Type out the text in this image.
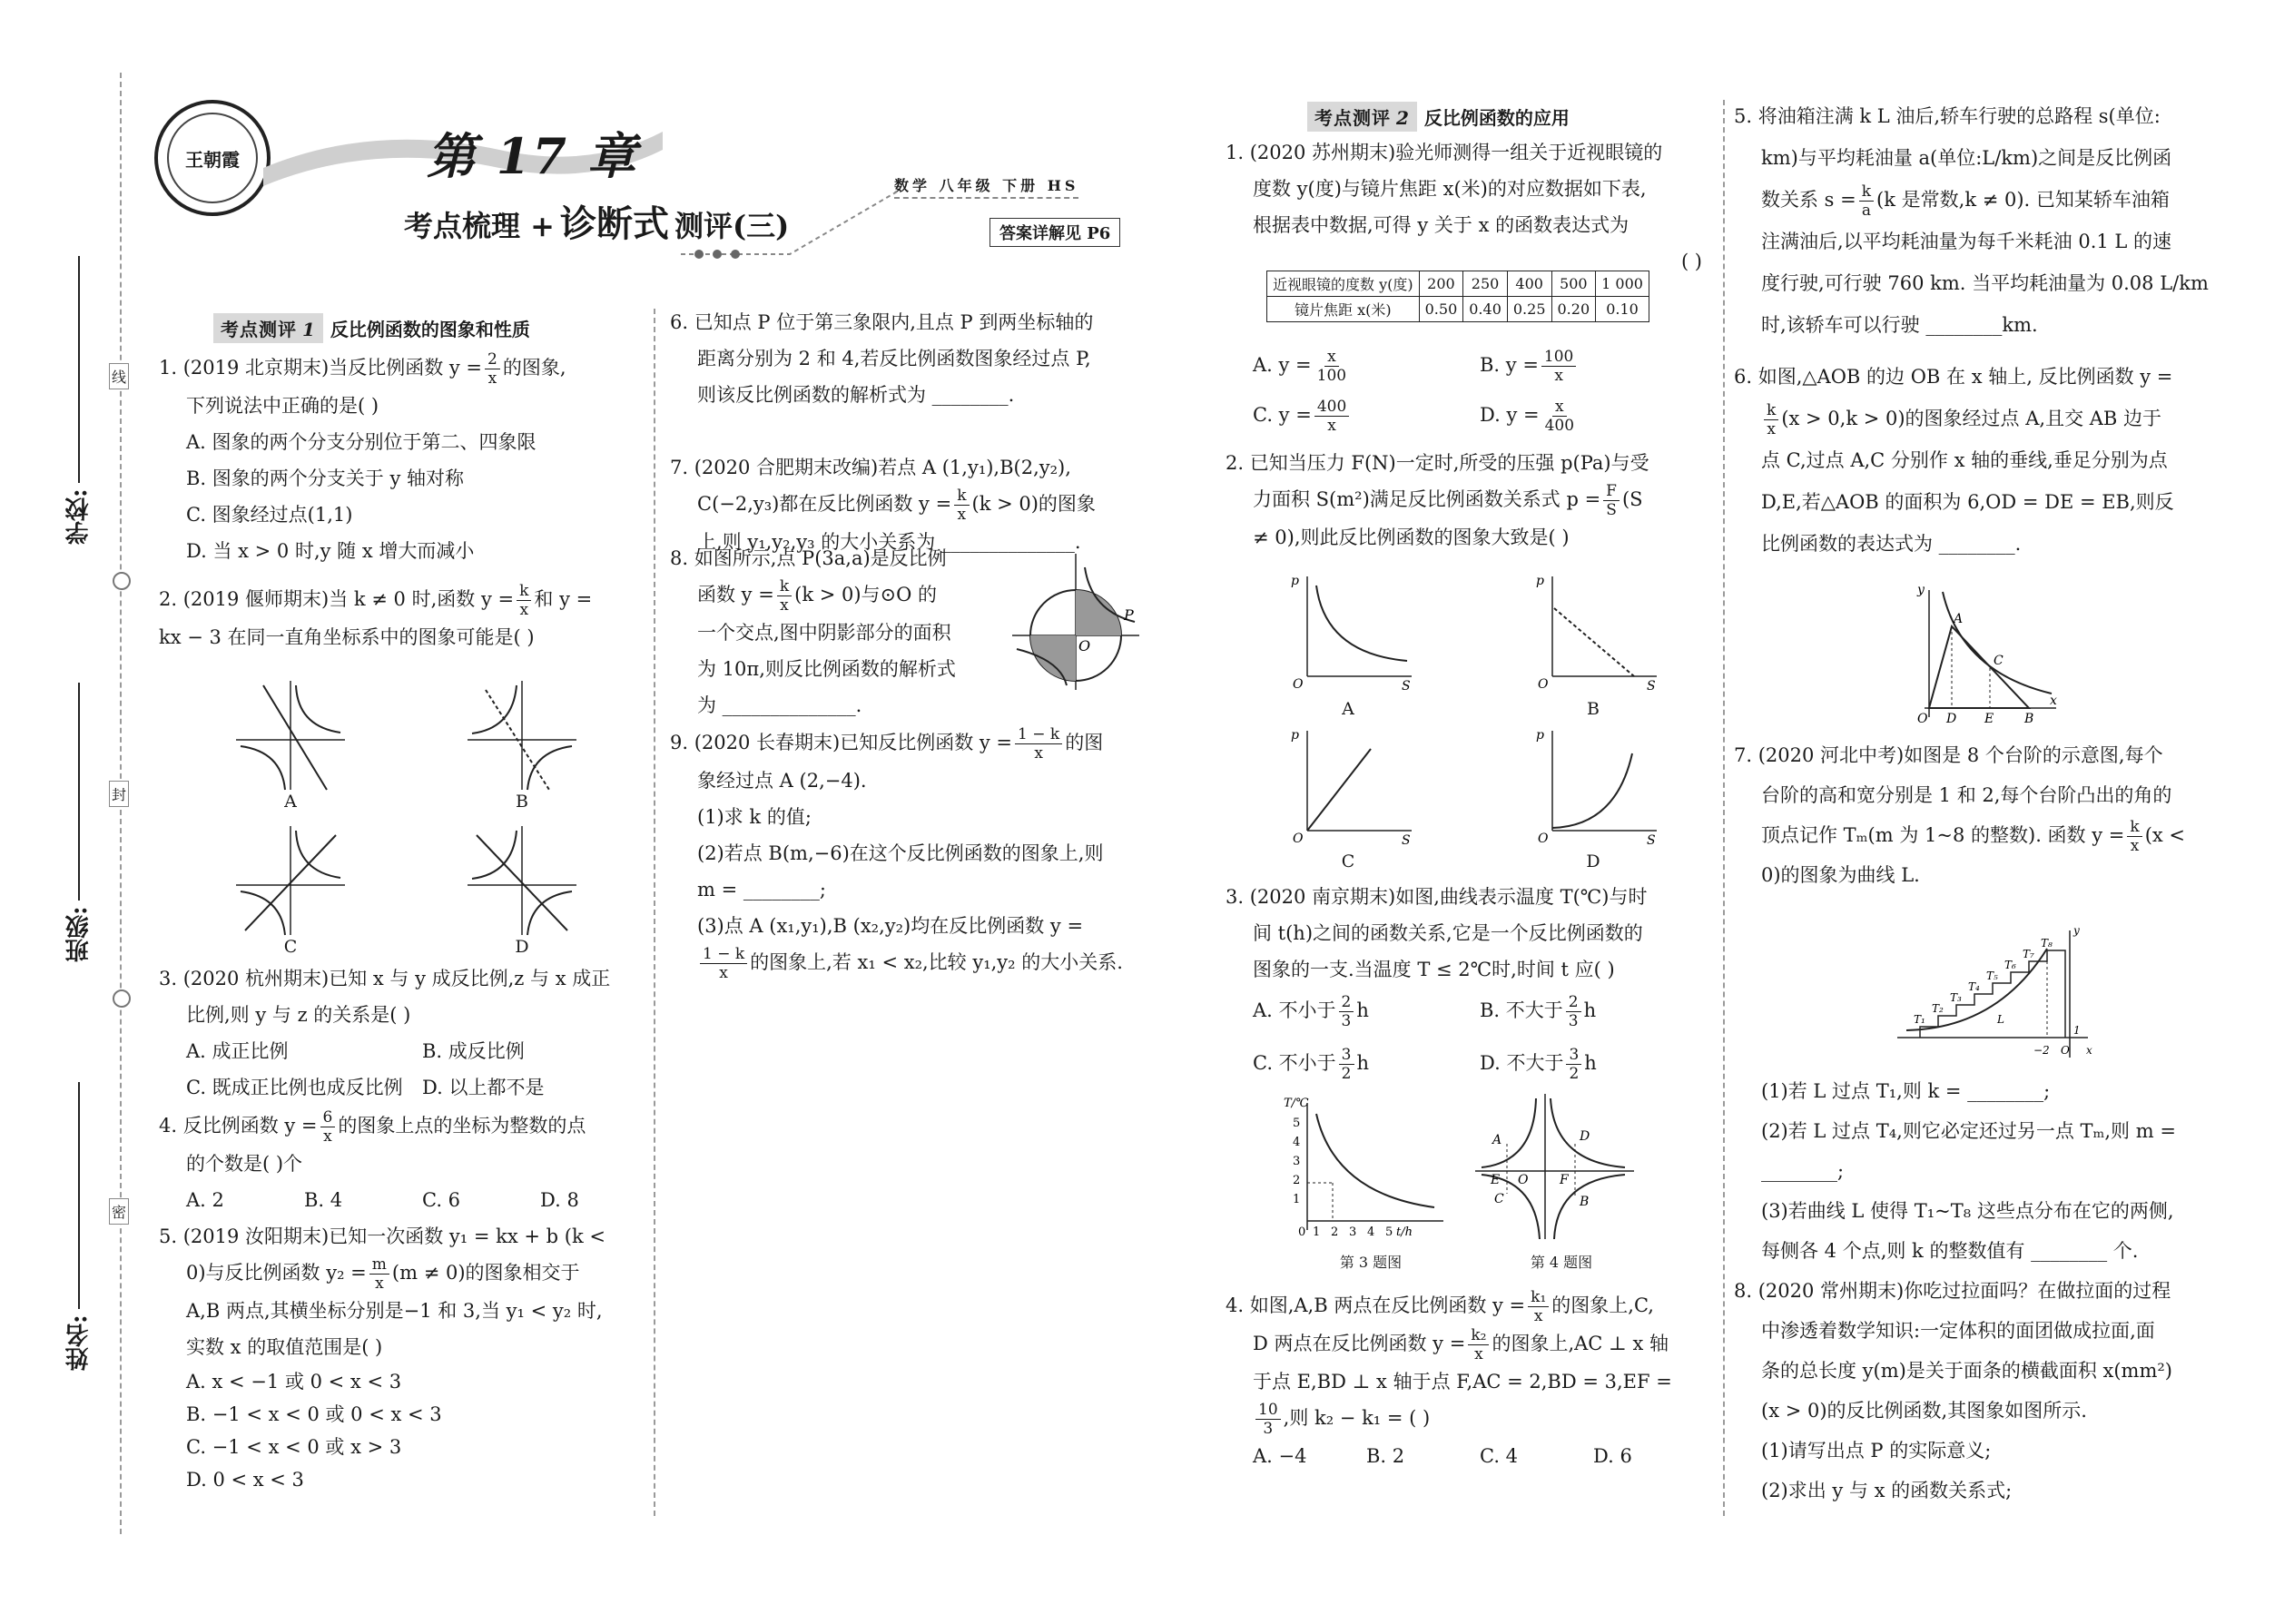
学校:
班级:
姓名:
线
封
密
王朝霞	第 17 章
考点梳理 + 诊断式 测评(三)
数学 八年级 下册 HS
答案详解见 P6
考点测评 1 反比例函数的图象和性质

1. (2019 北京期末)当反比例函数 $y = \frac{2}{x}$ 的图象,

下列说法中正确的是( )

A. 图象的两个分支分别位于第二、四象限

B. 图象的两个分支关于 y 轴对称

C. 图象经过点(1,1)

D. 当 x > 0 时,y 随 x 增大而减小

2. (2019 偃师期末)当 k ≠ 0 时,函数 $y = \frac{k}{x}$ 和 y =

kx − 3 在同一直角坐标系中的图象可能是( )

A	B
C	D

3. (2020 杭州期末)已知 x 与 y 成反比例,z 与 x 成正

比例,则 y 与 z 的关系是( )

A. 成正比例	B. 成反比例
C. 既成正比例也成反比例	D. 以上都不是

4. 反比例函数 $y = \frac{6}{x}$ 的图象上点的坐标为整数的点

的个数是( )个

A. 2	B. 4	C. 6	D. 8

5. (2019 汝阳期末)已知一次函数 y₁ = kx + b (k <

0)与反比例函数 $y_2 = \frac{m}{x} (m \ne 0)$的图象相交于

A,B 两点,其横坐标分别是−1 和 3,当 y₁ < y₂ 时,

实数 x 的取值范围是( )

A. x < −1 或 0 < x < 3

B. −1 < x < 0 或 0 < x < 3

C. −1 < x < 0 或 x > 3

D. 0 < x < 3

6. 已知点 P 位于第三象限内,且点 P 到两坐标轴的

距离分别为 2 和 4,若反比例函数图象经过点 P,

则该反比例函数的解析式为 ________.

7. (2020 合肥期末改编)若点 A (1,y₁),B(2,y₂),

C(−2,y₃)都在反比例函数 $y = \frac{k}{x} (k > 0)$的图象

上,则 y₁,y₂,y₃ 的大小关系为 ______________.

8. 如图所示,点 P(3a,a)是反比例

函数 $y = \frac{k}{x} (k > 0)$与⊙O 的

一个交点,图中阴影部分的面积

为 10π,则反比例函数的解析式

为 ______________.

P
O

9. (2020 长春期末)已知反比例函数 $y = \frac{1 - k}{x}$ 的图

象经过点 A (2,−4).

(1)求 k 的值;

(2)若点 B(m,−6)在这个反比例函数的图象上,则

m = ________;

(3)点 A (x₁,y₁),B (x₂,y₂)均在反比例函数 y =

$\frac{1 - k}{x}$ 的图象上,若 x₁ < x₂,比较 y₁,y₂ 的大小关系.

考点测评 2 反比例函数的应用

1. (2020 苏州期末)验光师测得一组关于近视眼镜的

度数 y(度)与镜片焦距 x(米)的对应数据如下表,

根据表中数据,可得 y 关于 x 的函数表达式为

( )

近视眼镜的度数 y(度)	200	250	400	500	1 000
镜片焦距 x(米)	0.50	0.40	0.25	0.20	0.10
A. $y = \frac{x}{100}$	B. $y = \frac{100}{x}$
C. $y = \frac{400}{x}$	D. $y = \frac{x}{400}$

2. 已知当压力 F(N)一定时,所受的压强 p(Pa)与受

力面积 S(m²)满足反比例函数关系式 $p = \frac{F}{S} (S$

≠ 0),则此反比例函数的图象大致是( )

p
S
O
p
S
O
p
S
O
p
S
O
A	B
C	D

3. (2020 南京期末)如图,曲线表示温度 T(℃)与时

间 t(h)之间的函数关系,它是一个反比例函数的

图象的一支.当温度 T ≤ 2℃时,时间 t 应( )

A. 不小于 $\frac{2}{3}$ h	B. 不大于 $\frac{2}{3}$ h
C. 不小于 $\frac{3}{2}$ h	D. 不大于 $\frac{3}{2}$ h
5
4
3
2
1
0 1 2 3 4 5 t/h
T/℃
A	D
E O F
C	B
第 3 题图	第 4 题图

4. 如图,A,B 两点在反比例函数 $y = \frac{\text{k₁}}{x}$ 的图象上,C,

D 两点在反比例函数 $y = \frac{\text{k₂}}{x}$ 的图象上,AC ⊥ x 轴

于点 E,BD ⊥ x 轴于点 F,AC = 2,BD = 3,EF =

$\frac{10}{3}$ ,则 k₂ − k₁ = ( )

A. −4	B. 2	C. 4	D. 6

5. 将油箱注满 k L 油后,轿车行驶的总路程 s(单位:

km)与平均耗油量 a(单位:L/km)之间是反比例函

数关系 $s = \frac{k}{a} (k$ 是常数,k ≠ 0). 已知某轿车油箱

注满油后,以平均耗油量为每千米耗油 0.1 L 的速

度行驶,可行驶 760 km. 当平均耗油量为 0.08 L/km

时,该轿车可以行驶 ________km.

6. 如图,△AOB 的边 OB 在 x 轴上, 反比例函数 y =

$\frac{k}{x} (x > 0,k > 0)$的图象经过点 A,且交 AB 边于

点 C,过点 A,C 分别作 x 轴的垂线,垂足分别为点

D,E,若△AOB 的面积为 6,OD = DE = EB,则反

比例函数的表达式为 ________.

A
C
O D E B
x
y

7. (2020 河北中考)如图是 8 个台阶的示意图,每个

台阶的高和宽分别是 1 和 2,每个台阶凸出的角的

顶点记作 Tₘ(m 为 1~8 的整数). 函数 $y = \frac{k}{x} (x$ <

0)的图象为曲线 L.

T₁
T₂
T₃
T₄
T₅
T₆
T₇
T₈
L
1
−2 O x
y

(1)若 L 过点 T₁,则 k = ________;

(2)若 L 过点 T₄,则它必定还过另一点 Tₘ,则 m =

________;

(3)若曲线 L 使得 T₁~T₈ 这些点分布在它的两侧,

每侧各 4 个点,则 k 的整数值有 ________ 个.

8. (2020 常州期末)你吃过拉面吗？在做拉面的过程

中渗透着数学知识:一定体积的面团做成拉面,面

条的总长度 y(m)是关于面条的横截面积 x(mm²)

(x > 0)的反比例函数,其图象如图所示.

(1)请写出点 P 的实际意义;

(2)求出 y 与 x 的函数关系式;
